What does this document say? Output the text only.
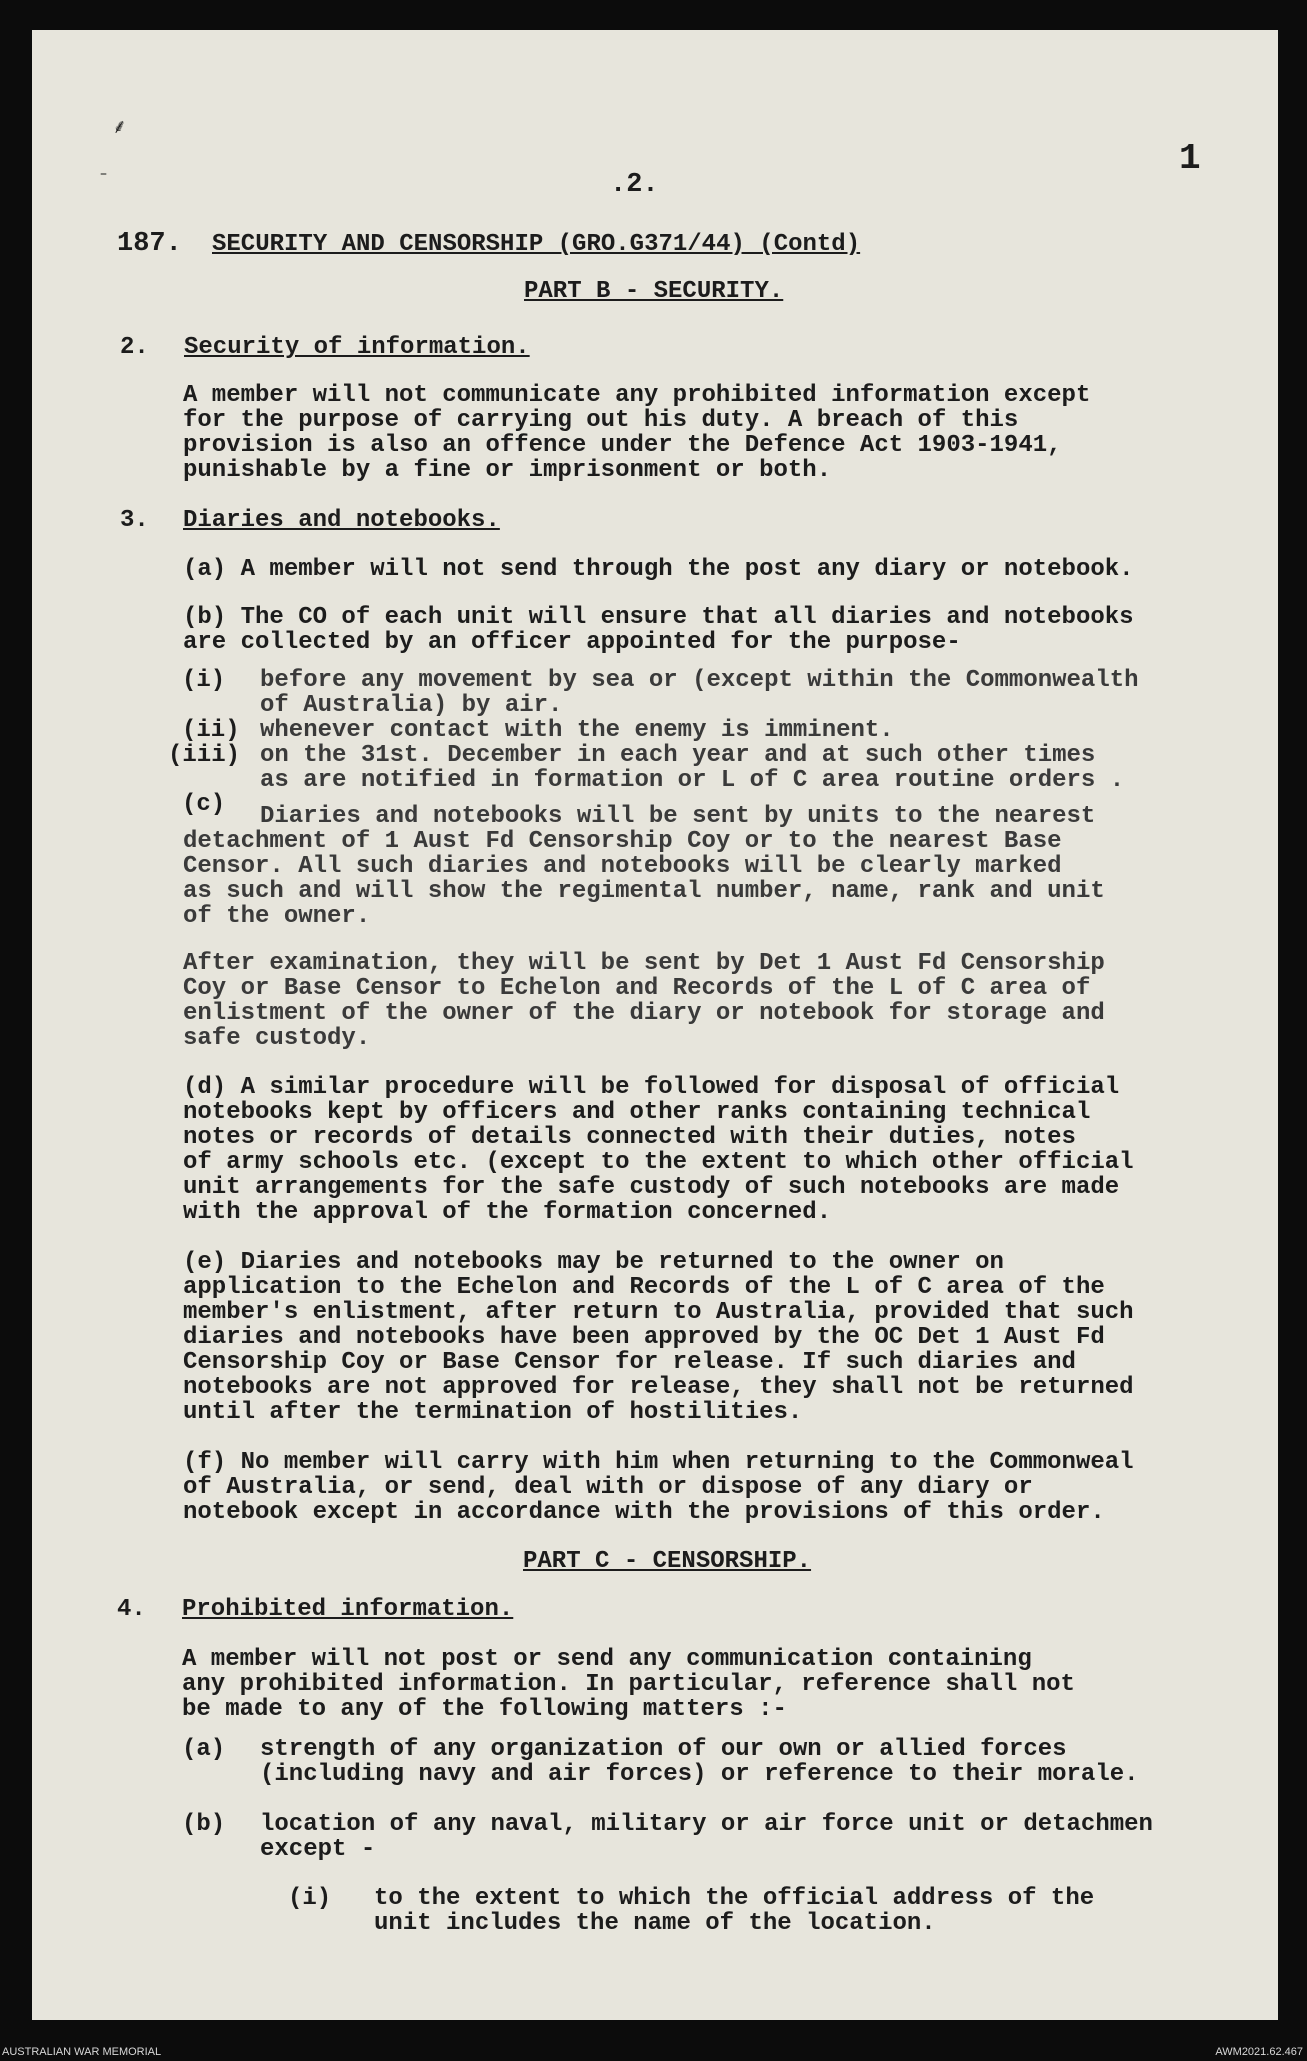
⸙
–	.2.
1
187. SECURITY AND CENSORSHIP (GRO.G371/44) (Contd)
PART B - SECURITY.
2. Security of information.
A member will not communicate any prohibited information except
for the purpose of carrying out his duty. A breach of this
provision is also an offence under the Defence Act 1903-1941,
punishable by a fine or imprisonment or both.
3. Diaries and notebooks.
(a) A member will not send through the post any diary or notebook.
(b) The CO of each unit will ensure that all diaries and notebooks
are collected by an officer appointed for the purpose-
(i) before any movement by sea or (except within the Commonwealth
of Australia) by air.
(ii) whenever contact with the enemy is imminent.
(iii) on the 31st. December in each year and at such other times
as are notified in formation or L of C area routine orders .
(c) Diaries and notebooks will be sent by units to the nearest
detachment of 1 Aust Fd Censorship Coy or to the nearest Base
Censor. All such diaries and notebooks will be clearly marked
as such and will show the regimental number, name, rank and unit
of the owner.
After examination, they will be sent by Det 1 Aust Fd Censorship
Coy or Base Censor to Echelon and Records of the L of C area of
enlistment of the owner of the diary or notebook for storage and
safe custody.
(d) A similar procedure will be followed for disposal of official
notebooks kept by officers and other ranks containing technical
notes or records of details connected with their duties, notes
of army schools etc. (except to the extent to which other official
unit arrangements for the safe custody of such notebooks are made
with the approval of the formation concerned.
(e) Diaries and notebooks may be returned to the owner on
application to the Echelon and Records of the L of C area of the
member's enlistment, after return to Australia, provided that such
diaries and notebooks have been approved by the OC Det 1 Aust Fd
Censorship Coy or Base Censor for release. If such diaries and
notebooks are not approved for release, they shall not be returned
until after the termination of hostilities.
(f) No member will carry with him when returning to the Commonweal
of Australia, or send, deal with or dispose of any diary or
notebook except in accordance with the provisions of this order.
PART C - CENSORSHIP.
4. Prohibited information.
A member will not post or send any communication containing
any prohibited information. In particular, reference shall not
be made to any of the following matters :-
(a) strength of any organization of our own or allied forces
(including navy and air forces) or reference to their morale.
(b) location of any naval, military or air force unit or detachmen
except -
(i) to the extent to which the official address of the
unit includes the name of the location.
AUSTRALIAN WAR MEMORIAL	AWM2021.62.467
